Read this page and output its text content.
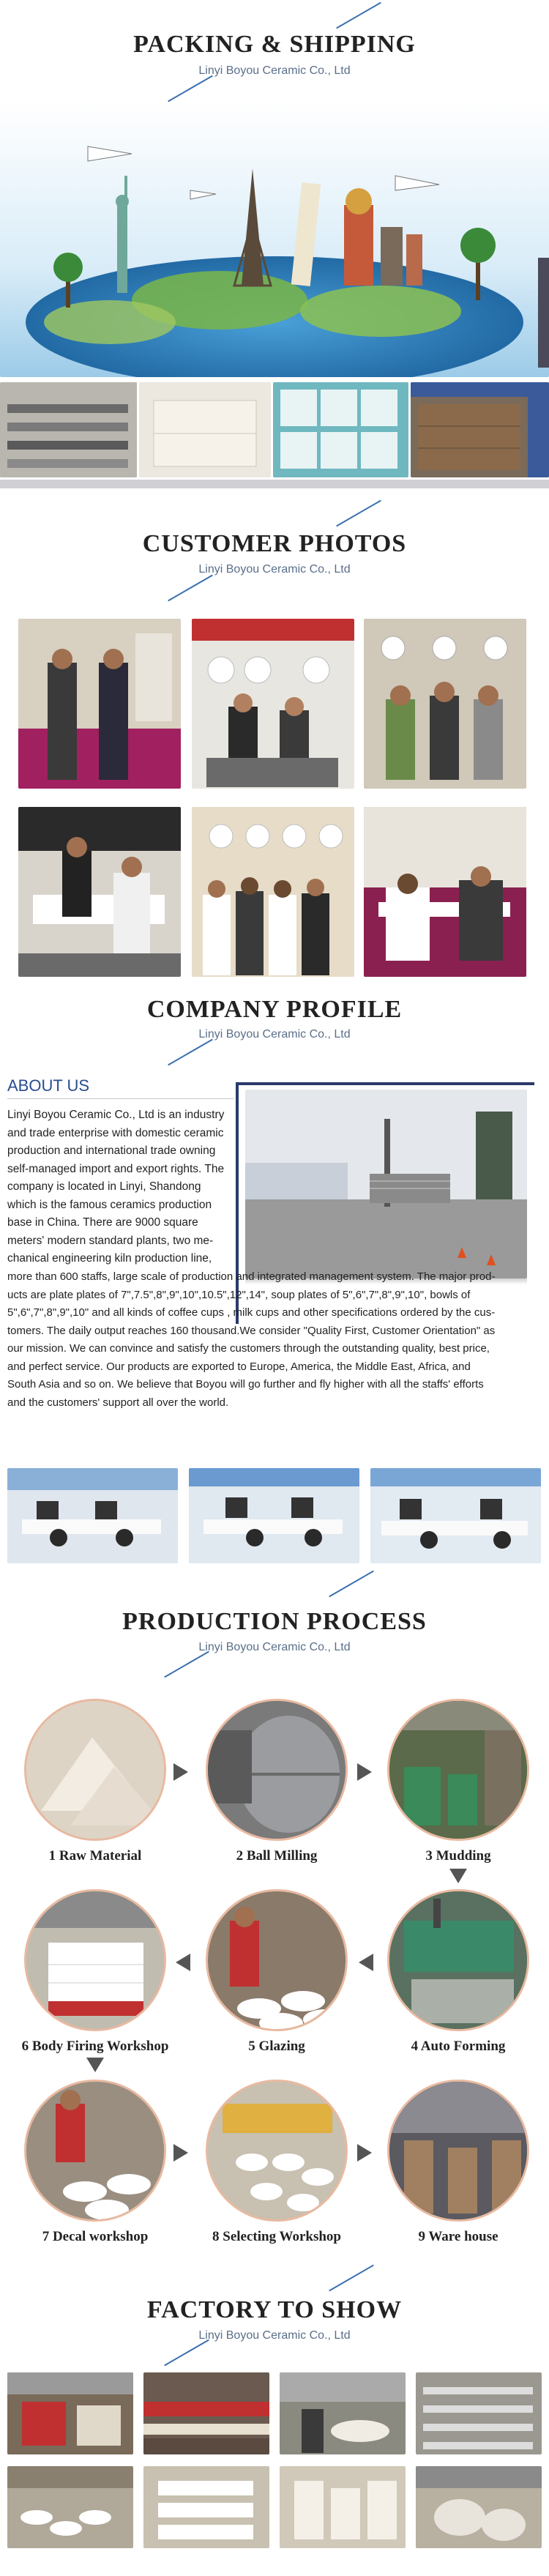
PACKING & SHIPPING
Linyi Boyou Ceramic Co., Ltd
CUSTOMER PHOTOS
Linyi Boyou Ceramic Co., Ltd
COMPANY PROFILE
Linyi Boyou Ceramic Co., Ltd
ABOUT US
Linyi Boyou Ceramic Co., Ltd is an industry
and trade enterprise with domestic ceramic
production and international trade owning
self-managed import and export rights. The
company is located in Linyi, Shandong
which is the famous ceramics production
base in China. There are 9000 square
meters' modern standard plants, two me-
chanical engineering kiln production line,
more than 600 staffs, large scale of production and integrated management system. The major prod-
ucts are plate plates of 7",7.5",8",9",10",10.5",12",14", soup plates of 5",6",7",8",9",10", bowls of
5",6",7",8",9",10" and all kinds of coffee cups , milk cups and other specifications ordered by the cus-
tomers. The daily output reaches 160 thousand.We consider "Quality First, Customer Orientation" as
our mission. We can convince and satisfy the customers through the outstanding quality, best price,
and perfect service. Our products are exported to Europe, America, the Middle East, Africa, and
South Asia and so on. We believe that Boyou will go further and fly higher with all the staffs' efforts
and the customers' support all over the world.
PRODUCTION PROCESS
Linyi Boyou Ceramic Co., Ltd
1 Raw Material	2 Ball Milling	3 Mudding
6 Body Firing Workshop	5 Glazing	4 Auto Forming
7 Decal workshop	8 Selecting Workshop	9 Ware house
FACTORY TO SHOW
Linyi Boyou Ceramic Co., Ltd
